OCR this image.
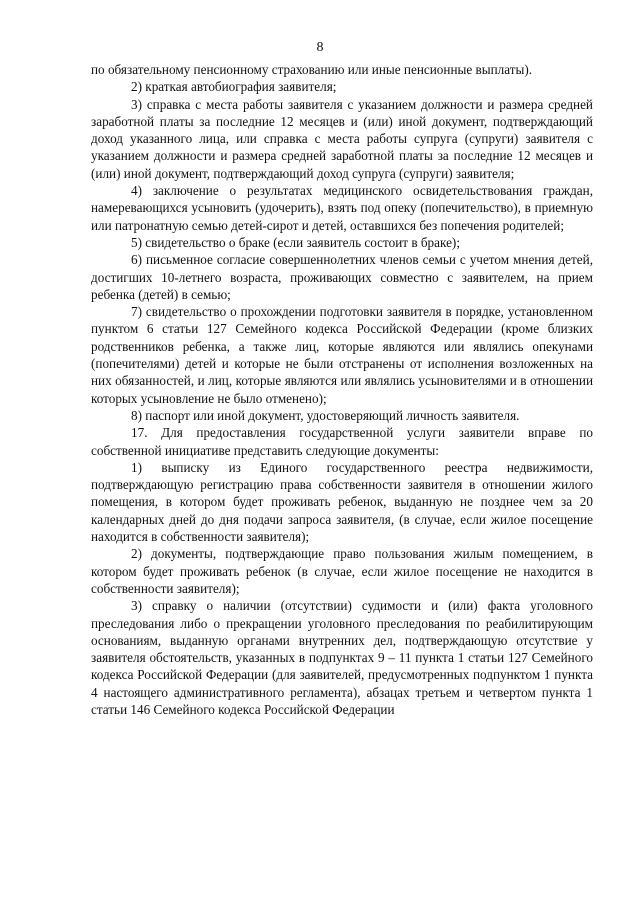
8

по обязательному пенсионному страхованию или иные пенсионные выплаты).

2) краткая автобиография заявителя;

3) справка с места работы заявителя с указанием должности и размера средней заработной платы за последние 12 месяцев и (или) иной документ, подтверждающий доход указанного лица, или справка с места работы супруга (супруги) заявителя с указанием должности и размера средней заработной платы за последние 12 месяцев и (или) иной документ, подтверждающий доход супруга (супруги) заявителя;

4) заключение о результатах медицинского освидетельствования граждан, намеревающихся усыновить (удочерить), взять под опеку (попечительство), в приемную или патронатную семью детей-сирот и детей, оставшихся без попечения родителей;

5) свидетельство о браке (если заявитель состоит в браке);

6) письменное согласие совершеннолетних членов семьи с учетом мнения детей, достигших 10-летнего возраста, проживающих совместно с заявителем, на прием ребенка (детей) в семью;

7) свидетельство о прохождении подготовки заявителя в порядке, установленном пунктом 6 статьи 127 Семейного кодекса Российской Федерации (кроме близких родственников ребенка, а также лиц, которые являются или являлись опекунами (попечителями) детей и которые не были отстранены от исполнения возложенных на них обязанностей, и лиц, которые являются или являлись усыновителями и в отношении которых усыновление не было отменено);

8) паспорт или иной документ, удостоверяющий личность заявителя.

17. Для предоставления государственной услуги заявители вправе по собственной инициативе представить следующие документы:

1) выписку из Единого государственного реестра недвижимости, подтверждающую регистрацию права собственности заявителя в отношении жилого помещения, в котором будет проживать ребенок, выданную не позднее чем за 20 календарных дней до дня подачи запроса заявителя, (в случае, если жилое посещение находится в собственности заявителя);

2) документы, подтверждающие право пользования жилым помещением, в котором будет проживать ребенок (в случае, если жилое посещение не находится в собственности заявителя);

3) справку о наличии (отсутствии) судимости и (или) факта уголовного преследования либо о прекращении уголовного преследования по реабилитирующим основаниям, выданную органами внутренних дел, подтверждающую отсутствие у заявителя обстоятельств, указанных в подпунктах 9 – 11 пункта 1 статьи 127 Семейного кодекса Российской Федерации (для заявителей, предусмотренных подпунктом 1 пункта 4 настоящего административного регламента), абзацах третьем и четвертом пункта 1 статьи 146 Семейного кодекса Российской Федерации
